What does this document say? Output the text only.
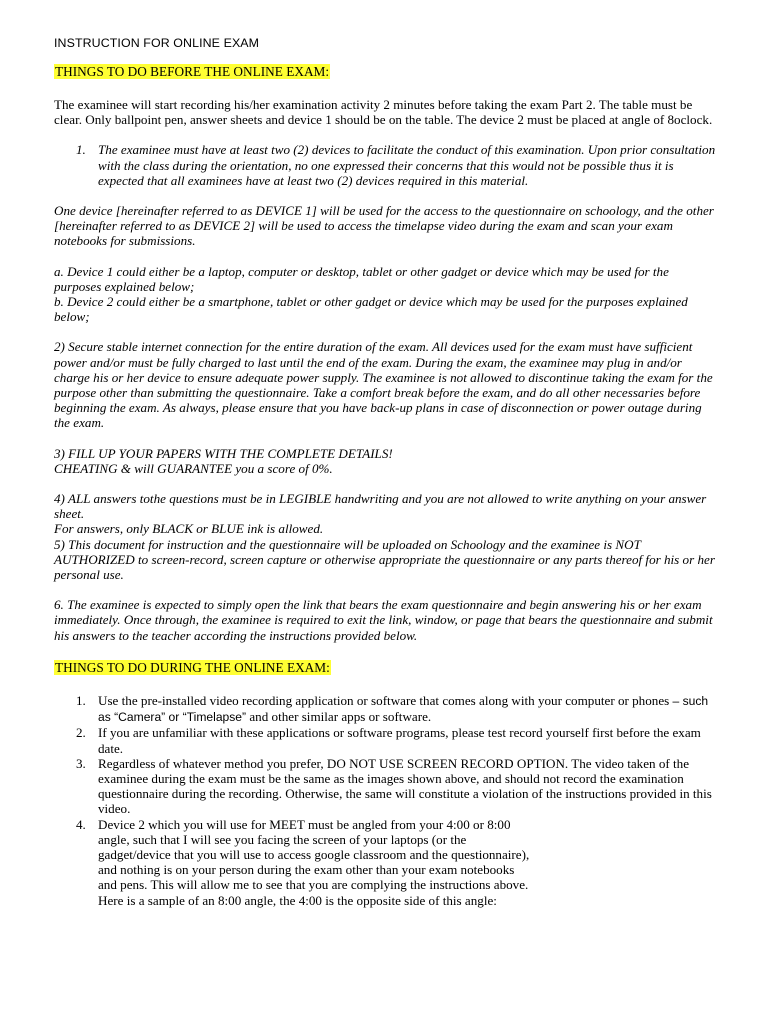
INSTRUCTION FOR ONLINE EXAM
THINGS TO DO BEFORE THE ONLINE EXAM:

The examinee will start recording his/her examination activity 2 minutes before taking the exam Part 2. The table must be clear. Only ballpoint pen, answer sheets and device 1 should be on the table. The device 2 must be placed at angle of 8oclock.

1. The examinee must have at least two (2) devices to facilitate the conduct of this examination. Upon prior consultation with the class during the orientation, no one expressed their concerns that this would not be possible thus it is expected that all examinees have at least two (2) devices required in this material.

One device [hereinafter referred to as DEVICE 1] will be used for the access to the questionnaire on schoology, and the other [hereinafter referred to as DEVICE 2] will be used to access the timelapse video during the exam and scan your exam notebooks for submissions.

a. Device 1 could either be a laptop, computer or desktop, tablet or other gadget or device which may be used for the purposes explained below;

b. Device 2 could either be a smartphone, tablet or other gadget or device which may be used for the purposes explained below;

2) Secure stable internet connection for the entire duration of the exam. All devices used for the exam must have sufficient power and/or must be fully charged to last until the end of the exam. During the exam, the examinee may plug in and/or charge his or her device to ensure adequate power supply. The examinee is not allowed to discontinue taking the exam for the purpose other than submitting the questionnaire. Take a comfort break before the exam, and do all other necessaries before beginning the exam. As always, please ensure that you have back-up plans in case of disconnection or power outage during the exam.

3) FILL UP YOUR PAPERS WITH THE COMPLETE DETAILS!

CHEATING & will GUARANTEE you a score of 0%.

4) ALL answers tothe questions must be in LEGIBLE handwriting and you are not allowed to write anything on your answer sheet.

For answers, only BLACK or BLUE ink is allowed.

5) This document for instruction and the questionnaire will be uploaded on Schoology and the examinee is NOT AUTHORIZED to screen-record, screen capture or otherwise appropriate the questionnaire or any parts thereof for his or her personal use.

6. The examinee is expected to simply open the link that bears the exam questionnaire and begin answering his or her exam immediately. Once through, the examinee is required to exit the link, window, or page that bears the questionnaire and submit his answers to the teacher according the instructions provided below.

THINGS TO DO DURING THE ONLINE EXAM:
1. Use the pre-installed video recording application or software that comes along with your computer or phones – such as “Camera” or “Timelapse” and other similar apps or software.
2. If you are unfamiliar with these applications or software programs, please test record yourself first before the exam date.
3. Regardless of whatever method you prefer, DO NOT USE SCREEN RECORD OPTION. The video taken of the examinee during the exam must be the same as the images shown above, and should not record the examination questionnaire during the recording. Otherwise, the same will constitute a violation of the instructions provided in this video.
4. Device 2 which you will use for MEET must be angled from your 4:00 or 8:00
angle, such that I will see you facing the screen of your laptops (or the
gadget/device that you will use to access google classroom and the questionnaire),
and nothing is on your person during the exam other than your exam notebooks
and pens. This will allow me to see that you are complying the instructions above.
Here is a sample of an 8:00 angle, the 4:00 is the opposite side of this angle:
